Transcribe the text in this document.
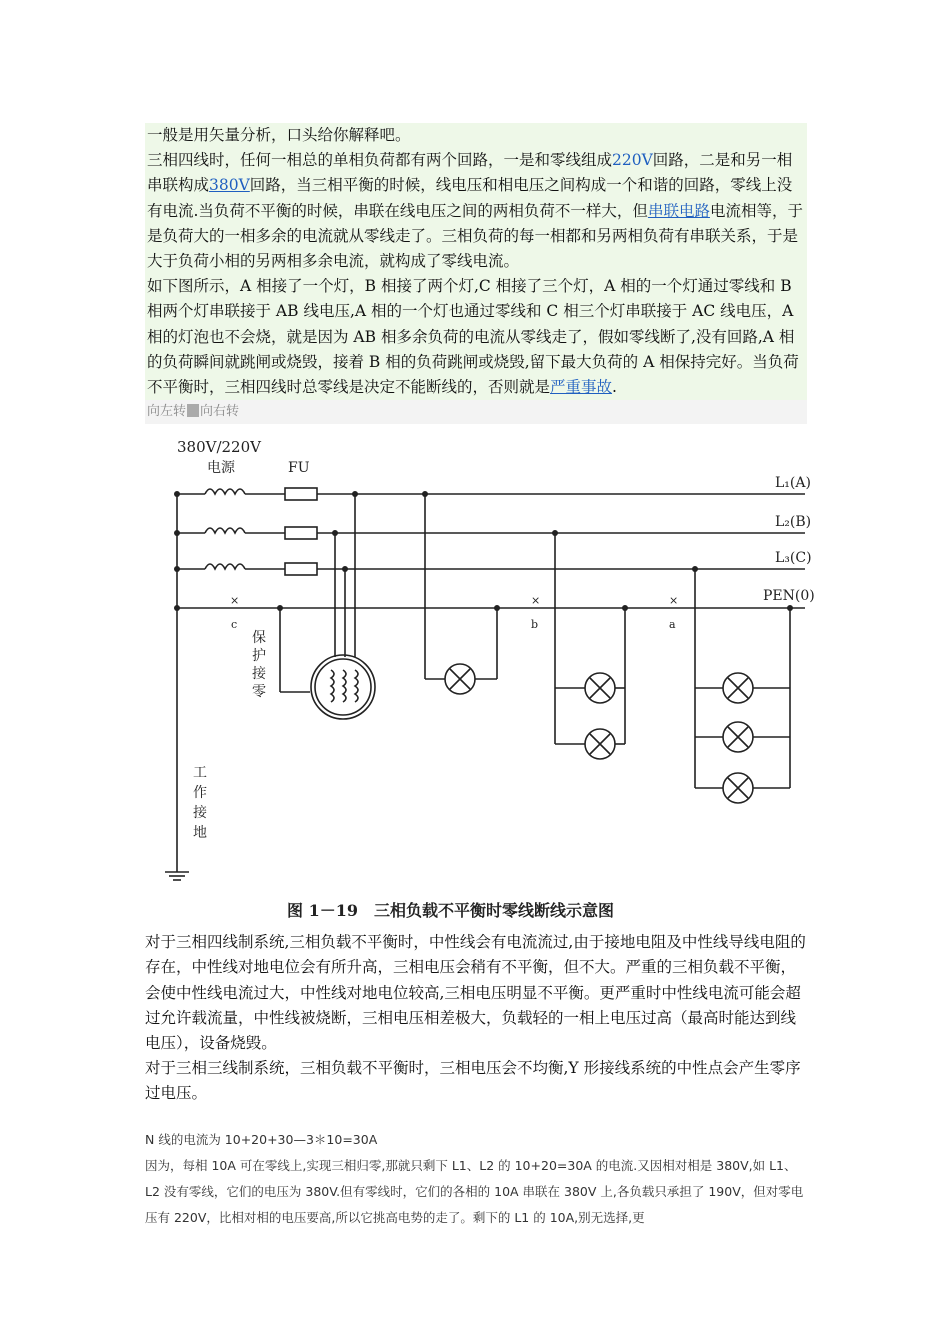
一般是用矢量分析，口头给你解释吧。

三相四线时，任何一相总的单相负荷都有两个回路，一是和零线组成220V回路，二是和另一相串联构成380V回路，当三相平衡的时候，线电压和相电压之间构成一个和谐的回路，零线上没有电流.当负荷不平衡的时候，串联在线电压之间的两相负荷不一样大，但串联电路电流相等，于是负荷大的一相多余的电流就从零线走了。三相负荷的每一相都和另两相负荷有串联关系，于是大于负荷小相的另两相多余电流，就构成了零线电流。

如下图所示，A 相接了一个灯，B 相接了两个灯,C 相接了三个灯，A 相的一个灯通过零线和 B 相两个灯串联接于 AB 线电压,A 相的一个灯也通过零线和 C 相三个灯串联接于 AC 线电压，A 相的灯泡也不会烧，就是因为 AB 相多余负荷的电流从零线走了，假如零线断了,没有回路,A 相的负荷瞬间就跳闸或烧毁，接着 B 相的负荷跳闸或烧毁,留下最大负荷的 A 相保持完好。当负荷不平衡时，三相四线时总零线是决定不能断线的，否则就是严重事故.

向左转 向右转
380V/220V
电源	FU
L₁(A)
L₂(B)
L₃(C)
PEN(0)
×
c
×
b
×
a
保
护
接
零
工
作
接
地
图 1－19　三相负载不平衡时零线断线示意图

对于三相四线制系统,三相负载不平衡时，中性线会有电流流过,由于接地电阻及中性线导线电阻的存在，中性线对地电位会有所升高，三相电压会稍有不平衡，但不大。严重的三相负载不平衡，会使中性线电流过大，中性线对地电位较高,三相电压明显不平衡。更严重时中性线电流可能会超过允许载流量，中性线被烧断，三相电压相差极大，负载轻的一相上电压过高（最高时能达到线电压），设备烧毁。

对于三相三线制系统，三相负载不平衡时，三相电压会不均衡,Y 形接线系统的中性点会产生零序过电压。

N 线的电流为 10+20+30—3＊10=30A

因为，每相 10A 可在零线上,实现三相归零,那就只剩下 L1、L2 的 10+20=30A 的电流.又因相对相是 380V,如 L1、L2 没有零线，它们的电压为 380V.但有零线时，它们的各相的 10A 串联在 380V 上,各负载只承担了 190V，但对零电压有 220V，比相对相的电压要高,所以它挑高电势的走了。剩下的 L1 的 10A,别无选择,更
